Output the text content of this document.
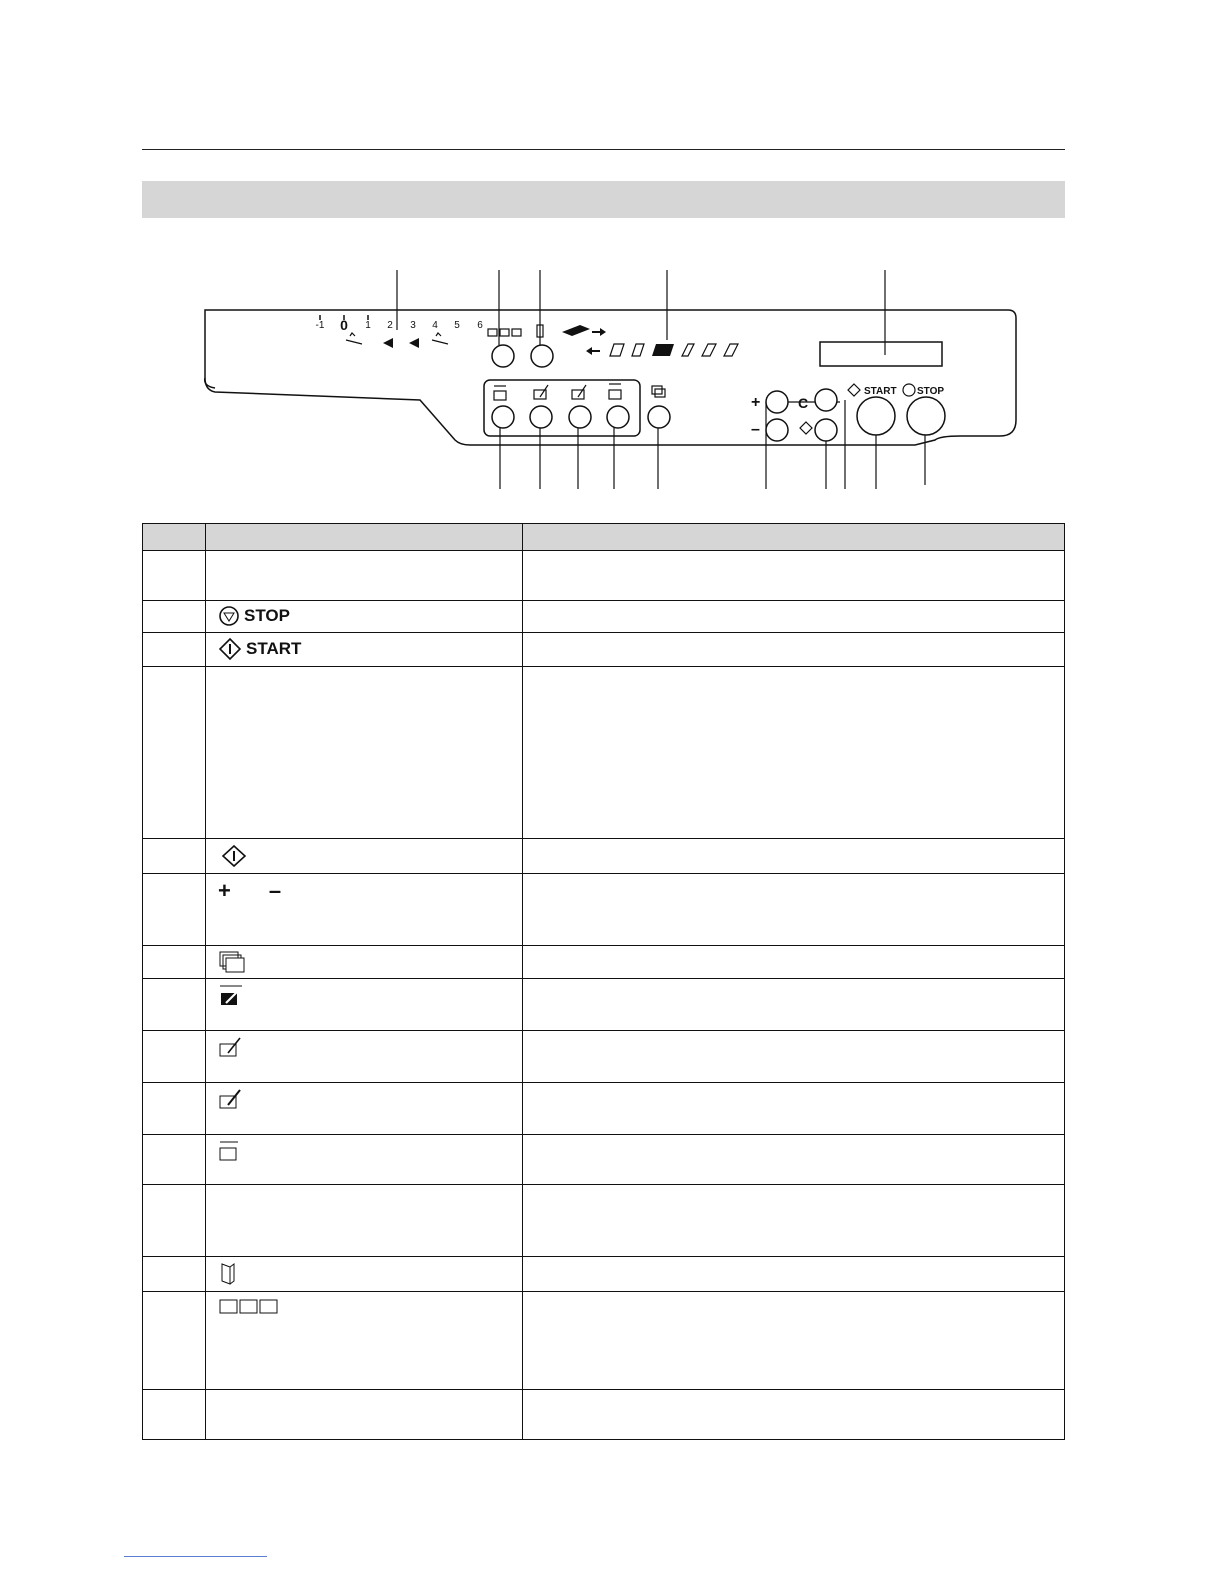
-1 0 1 2 3 4 5 6
+
–
C
START STOP

	STOP	

	START	

	+ –	
